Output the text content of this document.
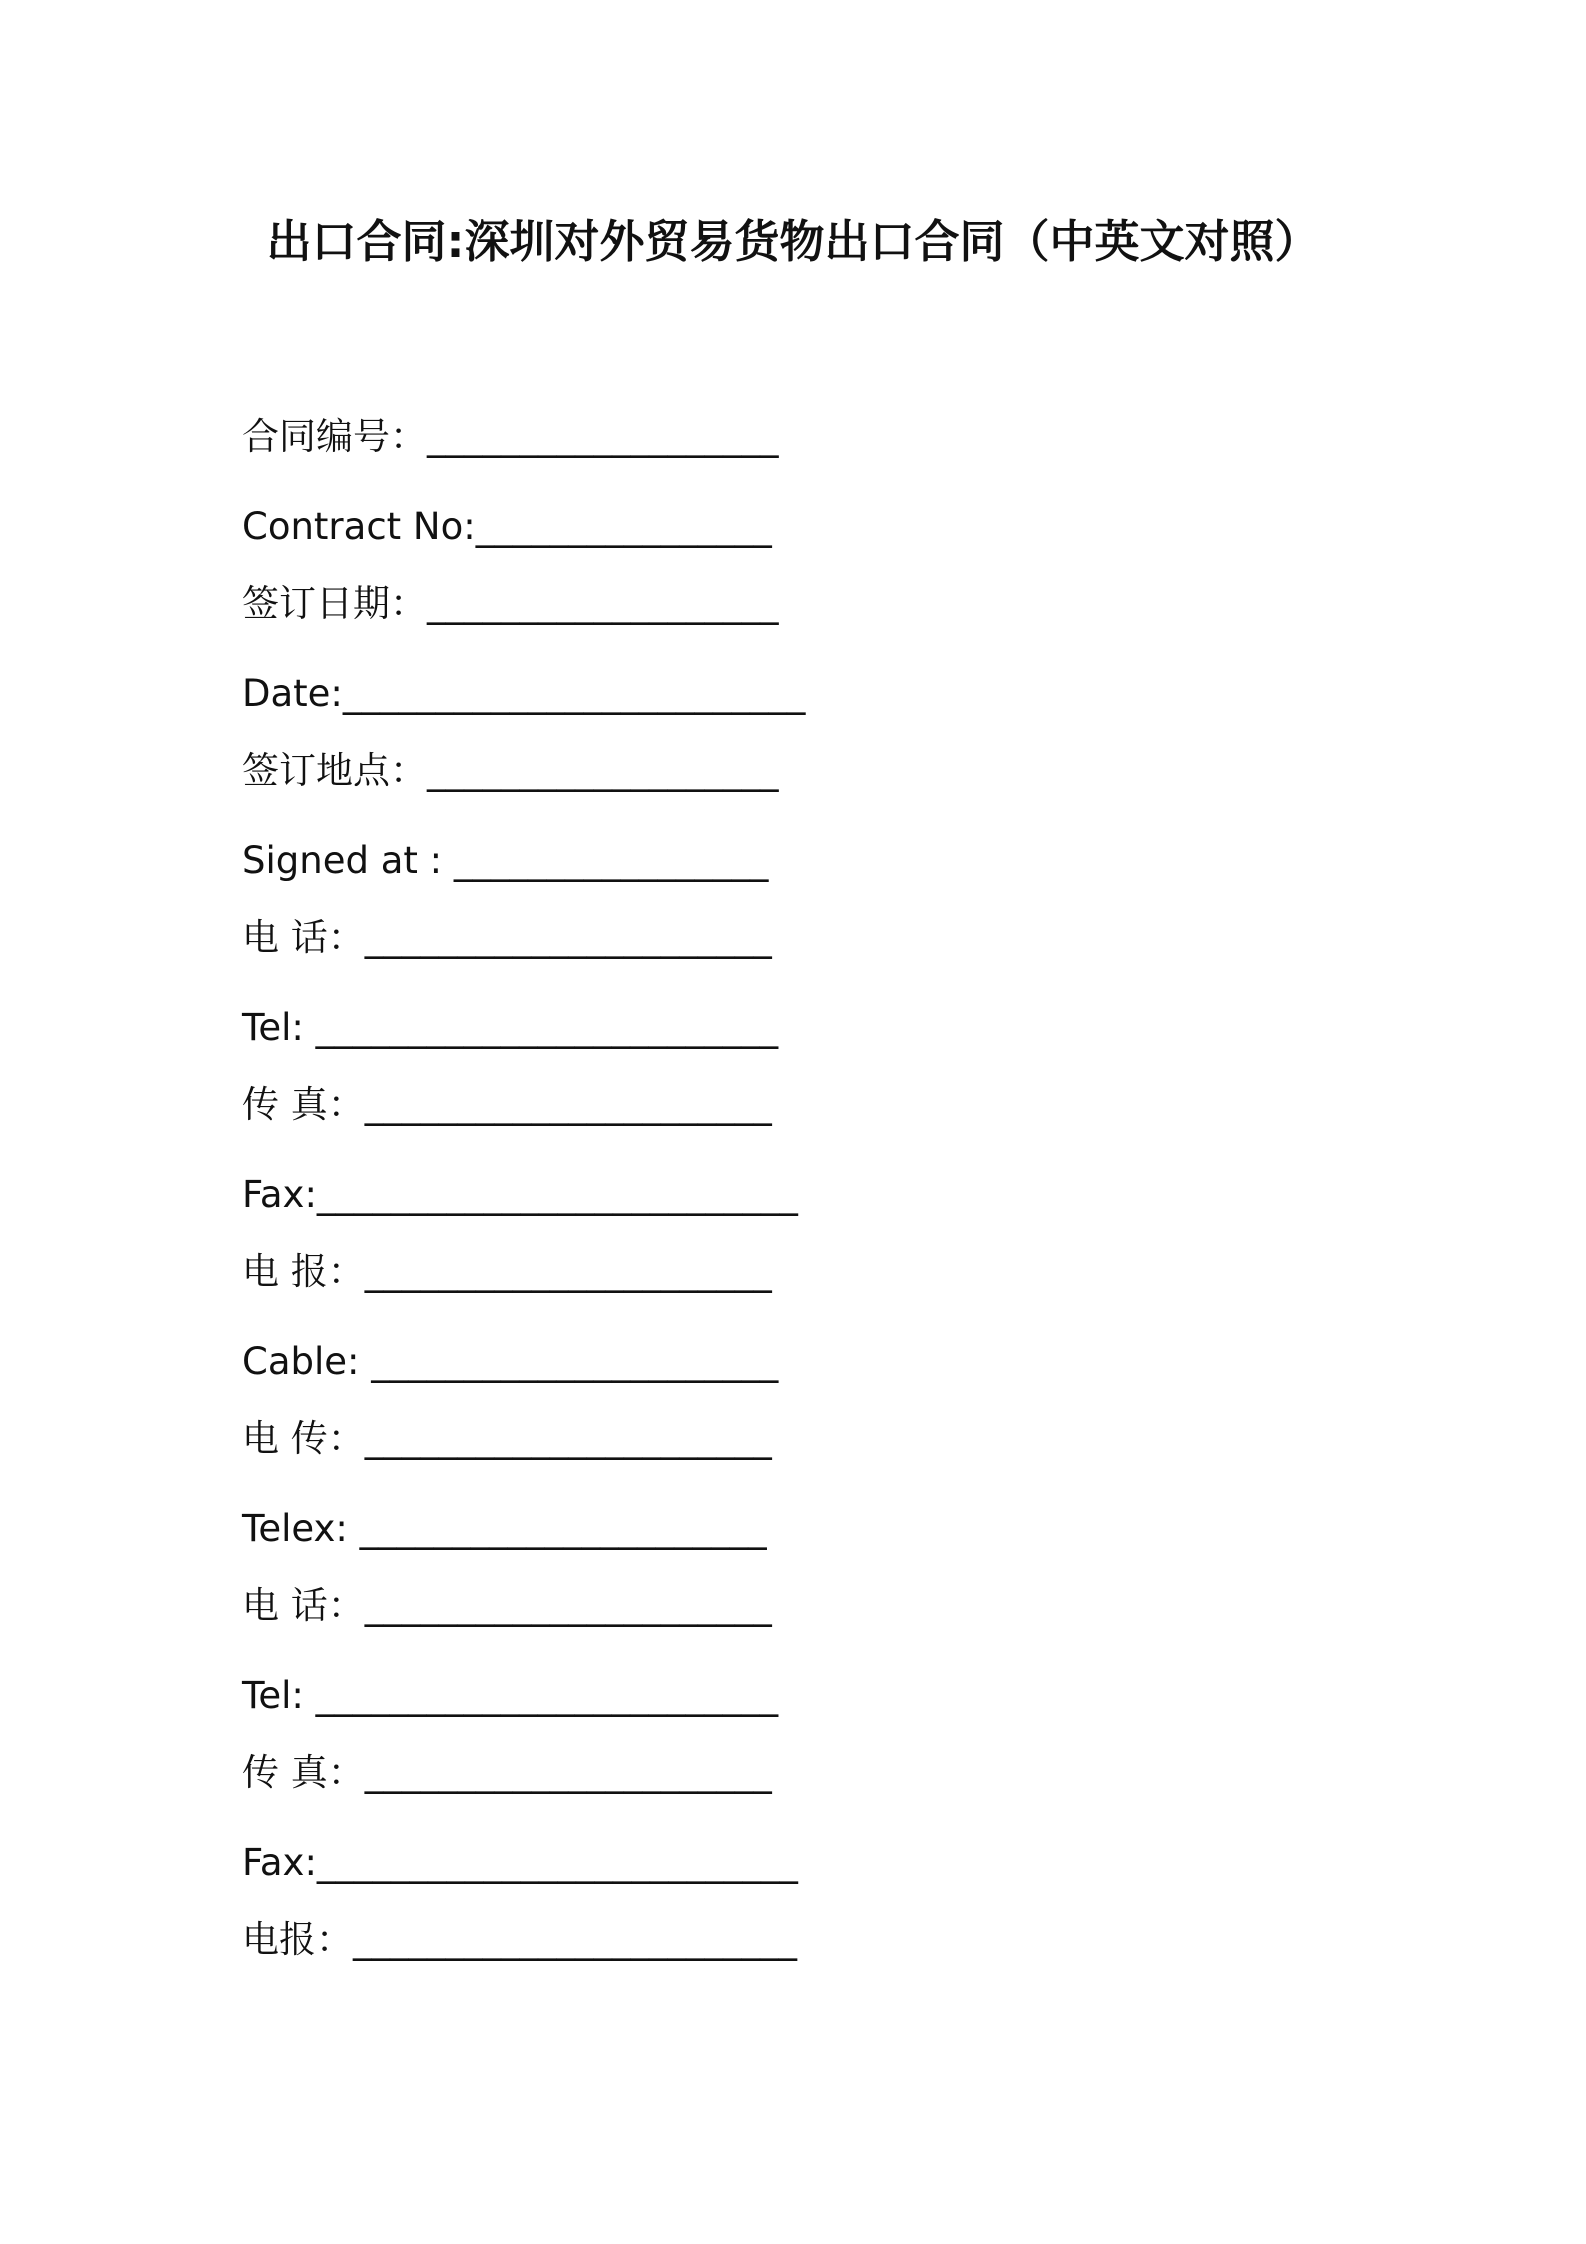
出口合同:深圳对外贸易货物出口合同（中英文对照）
合同编号：___________________
Contract No:________________
签订日期：___________________
Date:_________________________
签订地点：___________________
Signed at : _________________
电 话：______________________
Tel: _________________________
传 真：______________________
Fax:__________________________
电 报：______________________
Cable: ______________________
电 传：______________________
Telex: ______________________
电 话：______________________
Tel: _________________________
传 真：______________________
Fax:__________________________
电报：________________________
